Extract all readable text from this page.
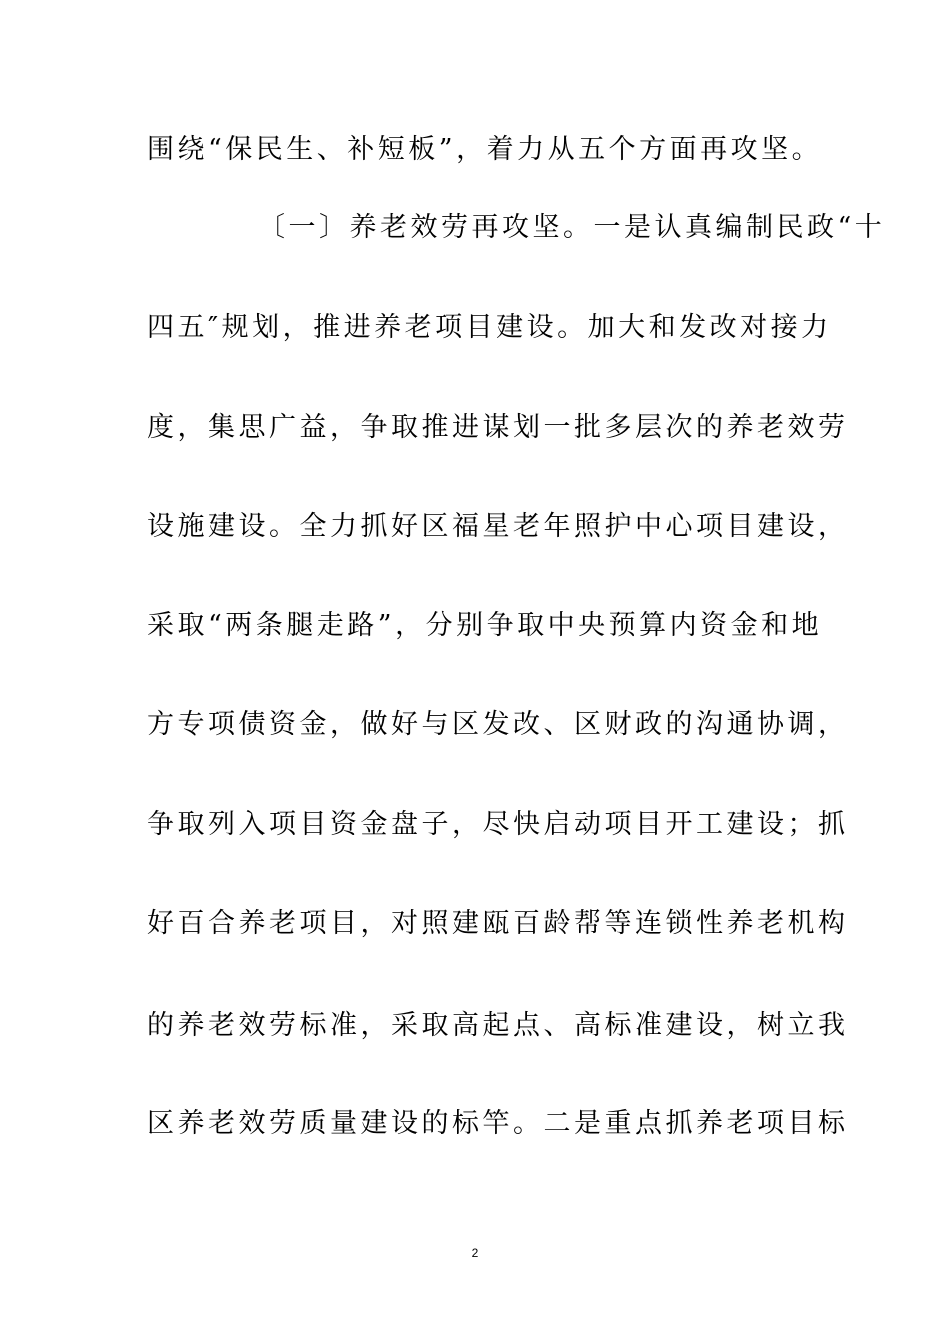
围绕“保民生、补短板”，着力从五个方面再攻坚。

〔一〕养老效劳再攻坚。一是认真编制民政“十

四五″规划，推进养老项目建设。加大和发改对接力

度，集思广益，争取推进谋划一批多层次的养老效劳

设施建设。全力抓好区福星老年照护中心项目建设，

采取“两条腿走路”，分别争取中央预算内资金和地

方专项债资金，做好与区发改、区财政的沟通协调，

争取列入项目资金盘子，尽快启动项目开工建设；抓

好百合养老项目，对照建瓯百龄帮等连锁性养老机构

的养老效劳标准，采取高起点、高标准建设，树立我

区养老效劳质量建设的标竿。二是重点抓养老项目标

2
